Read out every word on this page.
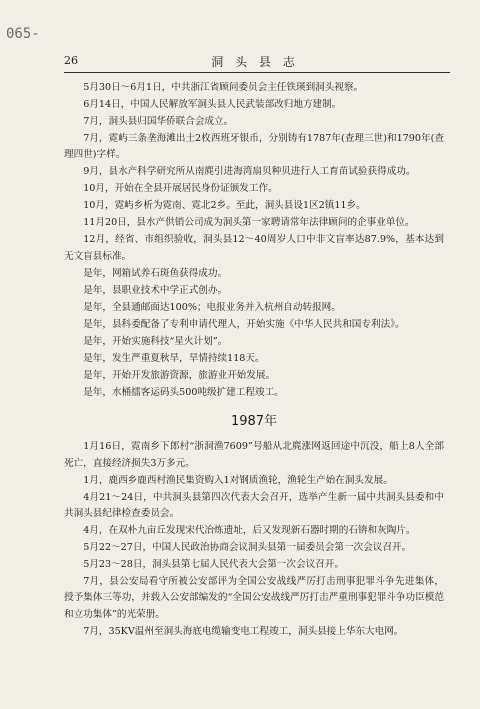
065-
26	洞 头 县 志

5月30日～6月1日，中共浙江省顾问委员会主任铁瑛到洞头视察。

6月14日，中国人民解放军洞头县人民武装部改归地方建制。

7月，洞头县归国华侨联合会成立。

7月，霓屿三条垄海滩出土2枚西班牙银币，分别铸有1787年(查理三世)和1790年(查理四世)字样。

9月，县水产科学研究所从南麂引进海湾扇贝种贝进行人工育苗试验获得成功。

10月，开始在全县开展居民身份证颁发工作。

10月，霓屿乡析为霓南、霓北2乡。至此，洞头县设1区2镇11乡。

11月20日，县水产供销公司成为洞头第一家聘请常年法律顾问的企事业单位。

12月，经省、市组织验收，洞头县12～40周岁人口中非文盲率达87.9%，基本达到无文盲县标准。

是年，网箱试养石斑鱼获得成功。

是年，县职业技术中学正式创办。

是年，全县通邮面达100%；电报业务并入杭州自动转报网。

是年，县科委配备了专利申请代理人，开始实施《中华人民共和国专利法》。

是年，开始实施科技“星火计划”。

是年，发生严重夏秋旱，旱情持续118天。

是年，开始开发旅游资源，旅游业开始发展。

是年，水桶擂客运码头500吨级扩建工程竣工。

1987年

1月16日，霓南乡下郎村“浙洞渔7609”号船从北麂涨网返回途中沉没，船上8人全部死亡，直接经济损失3万多元。

1月，鹿西乡鹿西村渔民集资购入1对钢质渔轮，渔轮生产始在洞头发展。

4月21～24日，中共洞头县第四次代表大会召开，选举产生新一届中共洞头县委和中共洞头县纪律检查委员会。

4月，在双朴九亩丘发现宋代冶炼遗址，后又发现新石器时期的石锛和灰陶片。

5月22～27日，中国人民政治协商会议洞头县第一届委员会第一次会议召开。

5月23～28日，洞头县第七届人民代表大会第一次会议召开。

7月，县公安局看守所被公安部评为全国公安战线严厉打击刑事犯罪斗争先进集体，授予集体三等功，并载入公安部编发的“全国公安战线严厉打击严重刑事犯罪斗争功臣模范和立功集体”的光荣册。

7月，35KV温州至洞头海底电缆输变电工程竣工，洞头县接上华东大电网。
